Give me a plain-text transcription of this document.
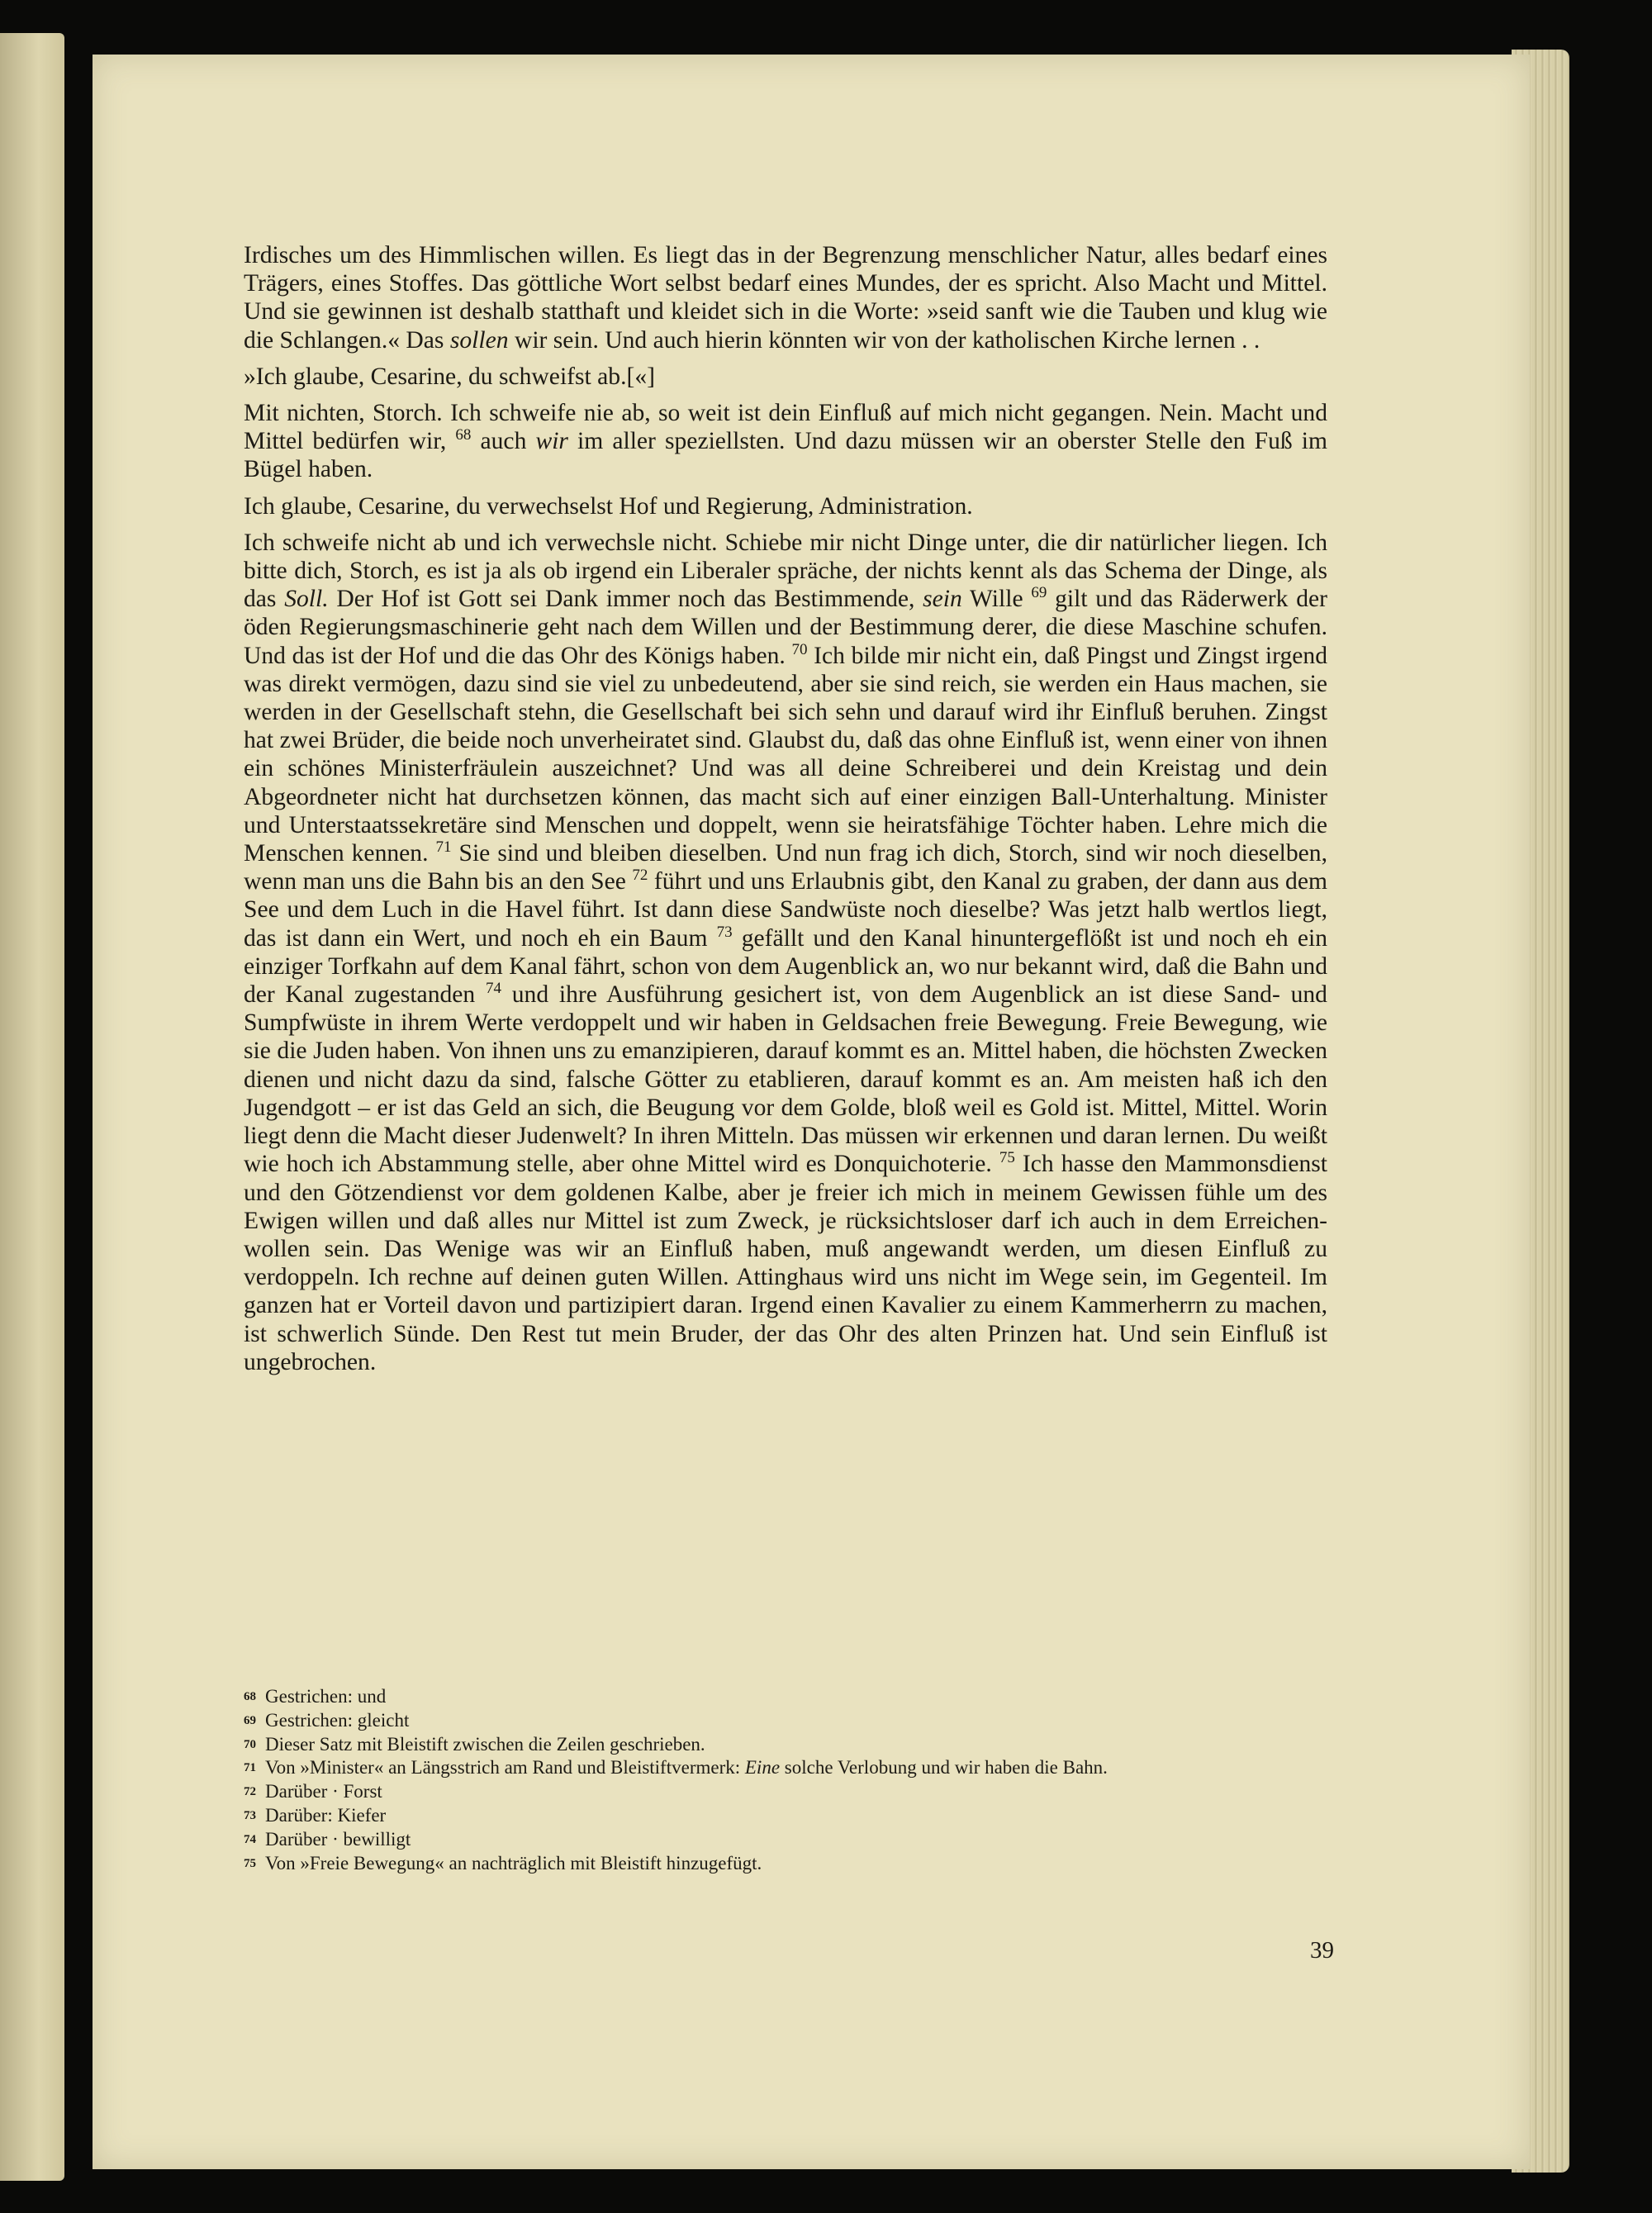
Irdisches um des Himmlischen willen. Es liegt das in der Begrenzung menschlicher Natur, alles bedarf eines Trägers, eines Stoffes. Das göttliche Wort selbst bedarf eines Mundes, der es spricht. Also Macht und Mittel. Und sie gewinnen ist deshalb statthaft und kleidet sich in die Worte: »seid sanft wie die Tauben und klug wie die Schlangen.« Das sollen wir sein. Und auch hierin könnten wir von der katholischen Kirche lernen . .

»Ich glaube, Cesarine, du schweifst ab.[«]

Mit nichten, Storch. Ich schweife nie ab, so weit ist dein Einfluß auf mich nicht gegangen. Nein. Macht und Mittel bedürfen wir, $^{68}$ auch wir im aller speziellsten. Und dazu müssen wir an oberster Stelle den Fuß im Bügel haben.

Ich glaube, Cesarine, du verwechselst Hof und Regierung, Administration.

Ich schweife nicht ab und ich verwechsle nicht. Schiebe mir nicht Dinge unter, die dir natürlicher liegen. Ich bitte dich, Storch, es ist ja als ob irgend ein Liberaler spräche, der nichts kennt als das Schema der Dinge, als das Soll. Der Hof ist Gott sei Dank immer noch das Bestimmende, sein Wille $^{69}$ gilt und das Räderwerk der öden Regierungsmaschinerie geht nach dem Willen und der Bestimmung derer, die diese Maschine schufen. Und das ist der Hof und die das Ohr des Königs haben. $^{70}$ Ich bilde mir nicht ein, daß Pingst und Zingst irgend was direkt vermögen, dazu sind sie viel zu unbedeutend, aber sie sind reich, sie werden ein Haus machen, sie werden in der Gesellschaft stehn, die Gesellschaft bei sich sehn und darauf wird ihr Einfluß beruhen. Zingst hat zwei Brüder, die beide noch unverheiratet sind. Glaubst du, daß das ohne Einfluß ist, wenn einer von ihnen ein schönes Ministerfräulein auszeichnet? Und was all deine Schreiberei und dein Kreistag und dein Abgeordneter nicht hat durchsetzen können, das macht sich auf einer einzigen Ball-Unterhaltung. Minister und Unterstaatssekretäre sind Menschen und doppelt, wenn sie heiratsfähige Töchter haben. Lehre mich die Menschen kennen. $^{71}$ Sie sind und bleiben dieselben. Und nun frag ich dich, Storch, sind wir noch dieselben, wenn man uns die Bahn bis an den See $^{72}$ führt und uns Erlaubnis gibt, den Kanal zu graben, der dann aus dem See und dem Luch in die Havel führt. Ist dann diese Sandwüste noch dieselbe? Was jetzt halb wertlos liegt, das ist dann ein Wert, und noch eh ein Baum $^{73}$ gefällt und den Kanal hinuntergeflößt ist und noch eh ein einziger Torfkahn auf dem Kanal fährt, schon von dem Augenblick an, wo nur bekannt wird, daß die Bahn und der Kanal zugestanden $^{74}$ und ihre Ausführung gesichert ist, von dem Augenblick an ist diese Sand- und Sumpfwüste in ihrem Werte verdoppelt und wir haben in Geldsachen freie Bewegung. Freie Bewegung, wie sie die Juden haben. Von ihnen uns zu emanzipieren, darauf kommt es an. Mittel haben, die höchsten Zwecken dienen und nicht dazu da sind, falsche Götter zu etablieren, darauf kommt es an. Am meisten haß ich den Jugendgott – er ist das Geld an sich, die Beugung vor dem Golde, bloß weil es Gold ist. Mittel, Mittel. Worin liegt denn die Macht dieser Judenwelt? In ihren Mitteln. Das müssen wir erkennen und daran lernen. Du weißt wie hoch ich Abstammung stelle, aber ohne Mittel wird es Donquichoterie. $^{75}$ Ich hasse den Mammonsdienst und den Götzendienst vor dem goldenen Kalbe, aber je freier ich mich in meinem Gewissen fühle um des Ewigen willen und daß alles nur Mittel ist zum Zweck, je rücksichtsloser darf ich auch in dem Erreichen-wollen sein. Das Wenige was wir an Einfluß haben, muß angewandt werden, um diesen Einfluß zu verdoppeln. Ich rechne auf deinen guten Willen. Attinghaus wird uns nicht im Wege sein, im Gegenteil. Im ganzen hat er Vorteil davon und partizipiert daran. Irgend einen Kavalier zu einem Kammerherrn zu machen, ist schwerlich Sünde. Den Rest tut mein Bruder, der das Ohr des alten Prinzen hat. Und sein Einfluß ist ungebrochen.

68 Gestrichen: und
69 Gestrichen: gleicht
70 Dieser Satz mit Bleistift zwischen die Zeilen geschrieben.
71 Von »Minister« an Längsstrich am Rand und Bleistiftvermerk: Eine solche Verlobung und wir haben die Bahn.
72 Darüber · Forst
73 Darüber: Kiefer
74 Darüber · bewilligt
75 Von »Freie Bewegung« an nachträglich mit Bleistift hinzugefügt.
39
